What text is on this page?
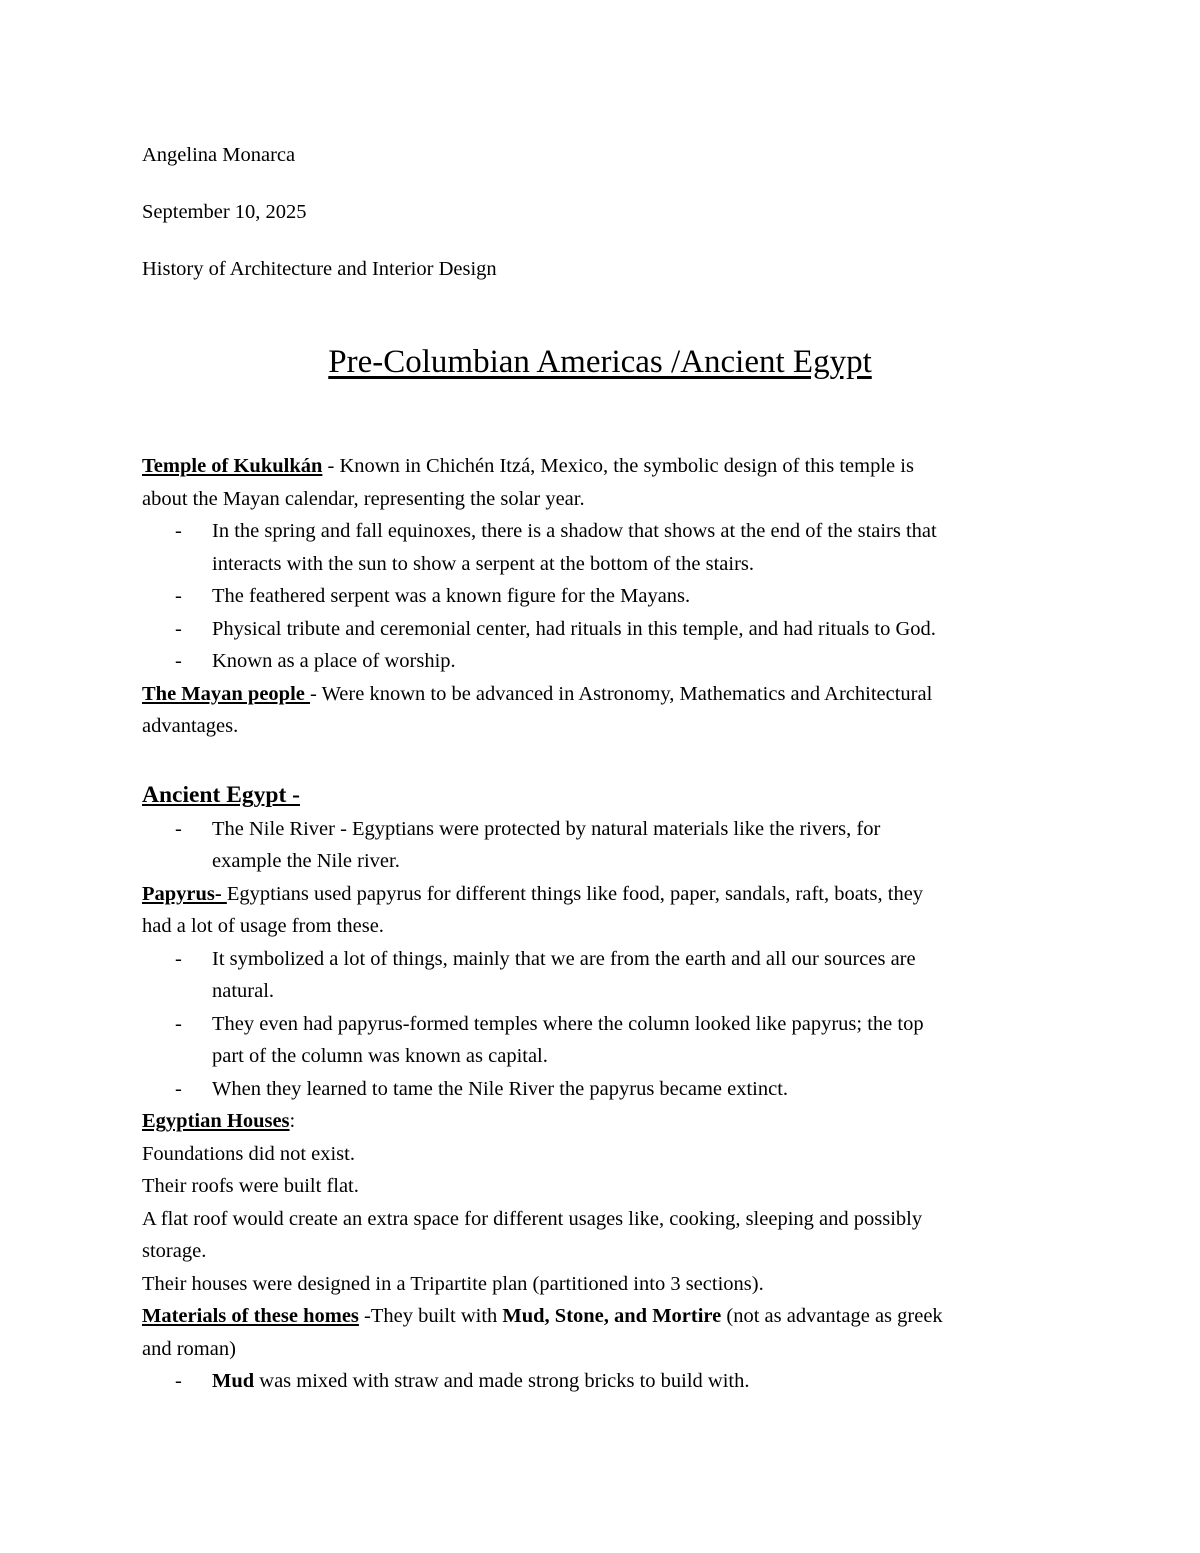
Angelina Monarca
September 10, 2025
History of Architecture and Interior Design
Pre-Columbian Americas /Ancient Egypt
Temple of Kukulkán - Known in Chichén Itzá, Mexico, the symbolic design of this temple is
about the Mayan calendar, representing the solar year.
- In the spring and fall equinoxes, there is a shadow that shows at the end of the stairs that
interacts with the sun to show a serpent at the bottom of the stairs.
- The feathered serpent was a known figure for the Mayans.
- Physical tribute and ceremonial center, had rituals in this temple, and had rituals to God.
- Known as a place of worship.
The Mayan people - Were known to be advanced in Astronomy, Mathematics and Architectural
advantages.
Ancient Egypt -
- The Nile River - Egyptians were protected by natural materials like the rivers, for
example the Nile river.
Papyrus- Egyptians used papyrus for different things like food, paper, sandals, raft, boats, they
had a lot of usage from these.
- It symbolized a lot of things, mainly that we are from the earth and all our sources are
natural.
- They even had papyrus-formed temples where the column looked like papyrus; the top
part of the column was known as capital.
- When they learned to tame the Nile River the papyrus became extinct.
Egyptian Houses:
Foundations did not exist.
Their roofs were built flat.
A flat roof would create an extra space for different usages like, cooking, sleeping and possibly
storage.
Their houses were designed in a Tripartite plan (partitioned into 3 sections).
Materials of these homes -They built with Mud, Stone, and Mortire (not as advantage as greek
and roman)
- Mud was mixed with straw and made strong bricks to build with.
